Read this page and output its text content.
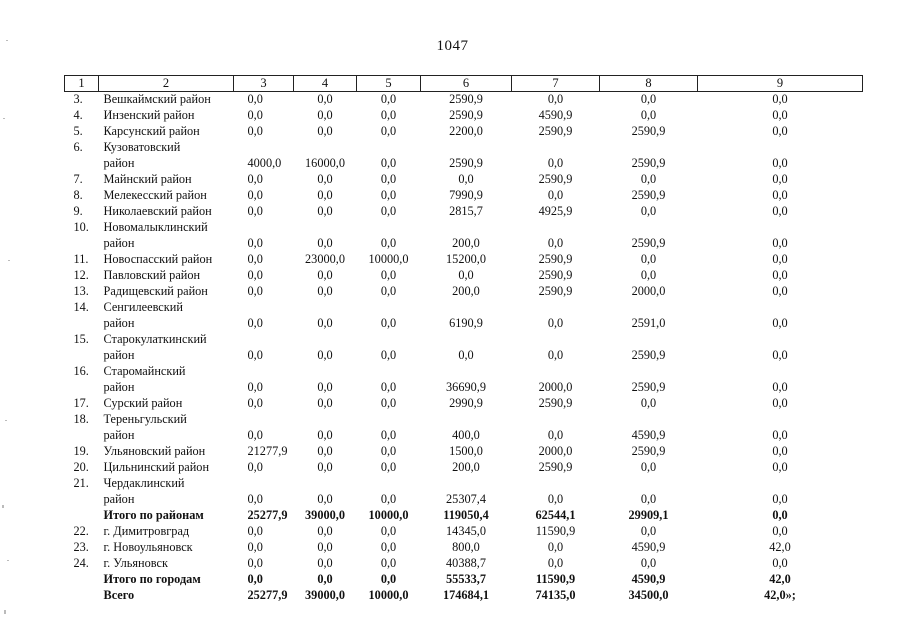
1047
1	2	3	4	5	6	7	8	9
3.	Вешкаймский район	0,0	0,0	0,0	2590,9	0,0	0,0	0,0
4.	Инзенский район	0,0	0,0	0,0	2590,9	4590,9	0,0	0,0
5.	Карсунский район	0,0	0,0	0,0	2200,0	2590,9	2590,9	0,0
6.	Кузоватовский							
	район	4000,0	16000,0	0,0	2590,9	0,0	2590,9	0,0
7.	Майнский район	0,0	0,0	0,0	0,0	2590,9	0,0	0,0
8.	Мелекесский район	0,0	0,0	0,0	7990,9	0,0	2590,9	0,0
9.	Николаевский район	0,0	0,0	0,0	2815,7	4925,9	0,0	0,0
10.	Новомалыклинский							
	район	0,0	0,0	0,0	200,0	0,0	2590,9	0,0
11.	Новоспасский район	0,0	23000,0	10000,0	15200,0	2590,9	0,0	0,0
12.	Павловский район	0,0	0,0	0,0	0,0	2590,9	0,0	0,0
13.	Радищевский район	0,0	0,0	0,0	200,0	2590,9	2000,0	0,0
14.	Сенгилеевский							
	район	0,0	0,0	0,0	6190,9	0,0	2591,0	0,0
15.	Старокулаткинский							
	район	0,0	0,0	0,0	0,0	0,0	2590,9	0,0
16.	Старомайнский							
	район	0,0	0,0	0,0	36690,9	2000,0	2590,9	0,0
17.	Сурский район	0,0	0,0	0,0	2990,9	2590,9	0,0	0,0
18.	Тереньгульский							
	район	0,0	0,0	0,0	400,0	0,0	4590,9	0,0
19.	Ульяновский район	21277,9	0,0	0,0	1500,0	2000,0	2590,9	0,0
20.	Цильнинский район	0,0	0,0	0,0	200,0	2590,9	0,0	0,0
21.	Чердаклинский							
	район	0,0	0,0	0,0	25307,4	0,0	0,0	0,0
	Итого по районам	25277,9	39000,0	10000,0	119050,4	62544,1	29909,1	0,0
22.	г. Димитровград	0,0	0,0	0,0	14345,0	11590,9	0,0	0,0
23.	г. Новоульяновск	0,0	0,0	0,0	800,0	0,0	4590,9	42,0
24.	г. Ульяновск	0,0	0,0	0,0	40388,7	0,0	0,0	0,0
	Итого по городам	0,0	0,0	0,0	55533,7	11590,9	4590,9	42,0
	Всего	25277,9	39000,0	10000,0	174684,1	74135,0	34500,0	42,0»;
